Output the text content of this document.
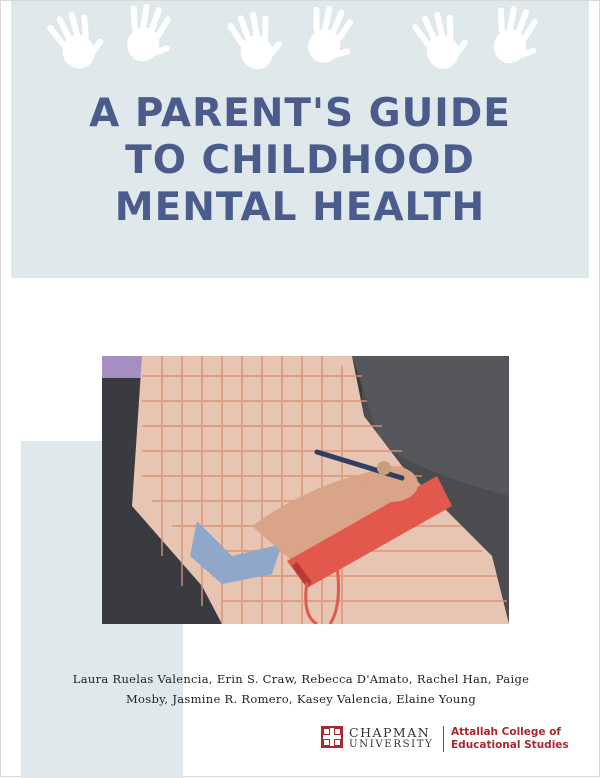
A PARENT'S GUIDE
TO CHILDHOOD
MENTAL HEALTH
Laura Ruelas Valencia, Erin S. Craw, Rebecca D'Amato, Rachel Han, Paige
Mosby, Jasmine R. Romero, Kasey Valencia, Elaine Young
CHAPMAN
UNIVERSITY
Attallah College of
Educational Studies
